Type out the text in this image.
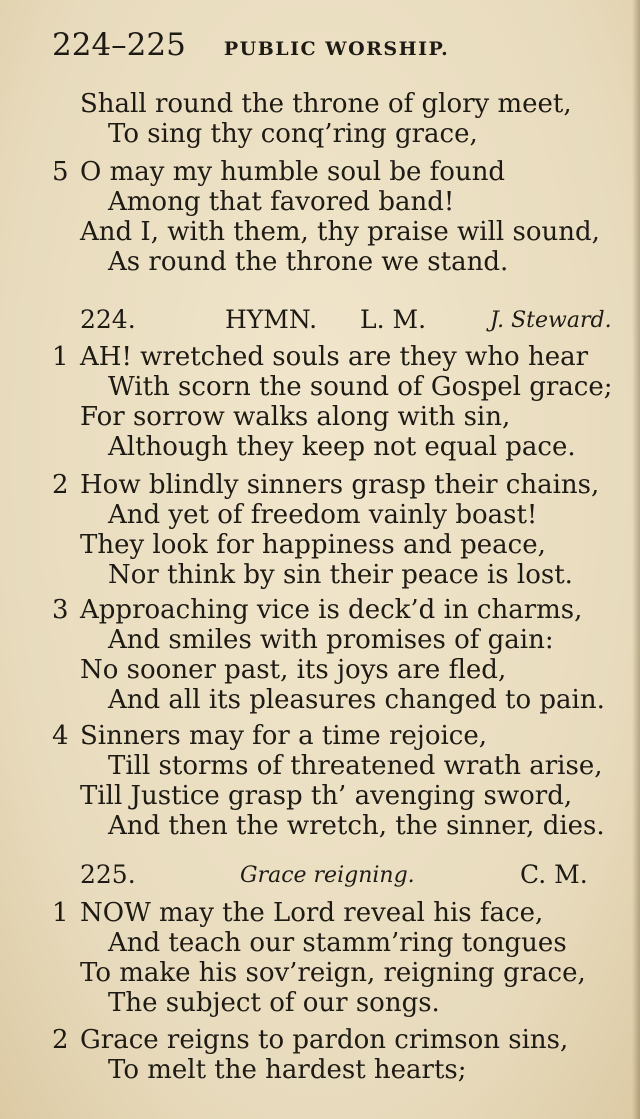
224–225 PUBLIC WORSHIP.
Shall round the throne of glory meet,
To sing thy conq’ring grace,
5 O may my humble soul be found
Among that favored band!
And I, with them, thy praise will sound,
As round the throne we stand.
224.	HYMN. L. M.	J. Steward.
1 AH! wretched souls are they who hear
With scorn the sound of Gospel grace;
For sorrow walks along with sin,
Although they keep not equal pace.
2 How blindly sinners grasp their chains,
And yet of freedom vainly boast!
They look for happiness and peace,
Nor think by sin their peace is lost.
3 Approaching vice is deck’d in charms,
And smiles with promises of gain:
No sooner past, its joys are fled,
And all its pleasures changed to pain.
4 Sinners may for a time rejoice,
Till storms of threatened wrath arise,
Till Justice grasp th’ avenging sword,
And then the wretch, the sinner, dies.
225.	Grace reigning.	C. M.
1 NOW may the Lord reveal his face,
And teach our stamm’ring tongues
To make his sov’reign, reigning grace,
The subject of our songs.
2 Grace reigns to pardon crimson sins,
To melt the hardest hearts;
